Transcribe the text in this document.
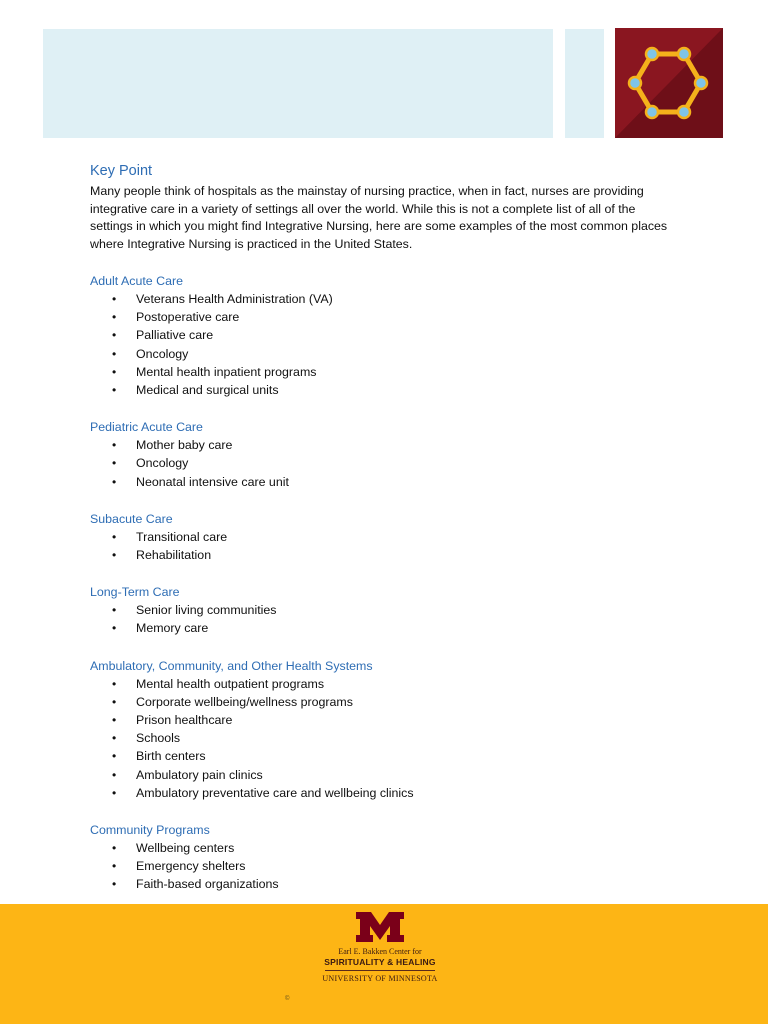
Key Point

Many people think of hospitals as the mainstay of nursing practice, when in fact, nurses are providing integrative care in a variety of settings all over the world. While this is not a complete list of all of the settings in which you might find Integrative Nursing, here are some examples of the most common places where Integrative Nursing is practiced in the United States.

Adult Acute Care
• Veterans Health Administration (VA)
• Postoperative care
• Palliative care
• Oncology
• Mental health inpatient programs
• Medical and surgical units
Pediatric Acute Care
• Mother baby care
• Oncology
• Neonatal intensive care unit
Subacute Care
• Transitional care
• Rehabilitation
Long-Term Care
• Senior living communities
• Memory care
Ambulatory, Community, and Other Health Systems
• Mental health outpatient programs
• Corporate wellbeing/wellness programs
• Prison healthcare
• Schools
• Birth centers
• Ambulatory pain clinics
• Ambulatory preventative care and wellbeing clinics
Community Programs
• Wellbeing centers
• Emergency shelters
• Faith-based organizations
Earl E. Bakken Center for
SPIRITUALITY & HEALING
UNIVERSITY OF MINNESOTA
©
